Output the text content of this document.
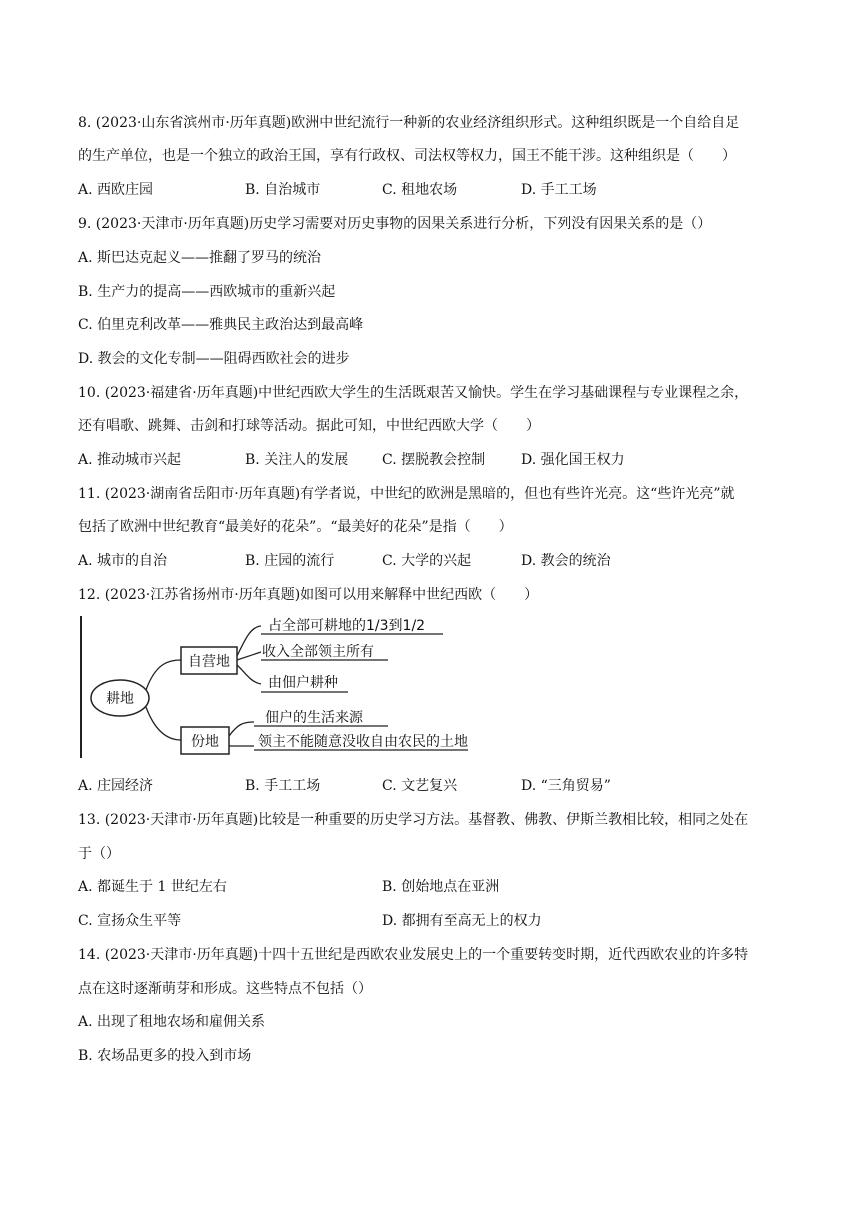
8. (2023·山东省滨州市·历年真题)欧洲中世纪流行一种新的农业经济组织形式。这种组织既是一个自给自足
的生产单位，也是一个独立的政治王国，享有行政权、司法权等权力，国王不能干涉。这种组织是（　　）
A. 西欧庄园	B. 自治城市	C. 租地农场	D. 手工工场
9. (2023·天津市·历年真题)历史学习需要对历史事物的因果关系进行分析，下列没有因果关系的是（）
A. 斯巴达克起义——推翻了罗马的统治
B. 生产力的提高——西欧城市的重新兴起
C. 伯里克利改革——雅典民主政治达到最高峰
D. 教会的文化专制——阻碍西欧社会的进步
10. (2023·福建省·历年真题)中世纪西欧大学生的生活既艰苦又愉快。学生在学习基础课程与专业课程之余，
还有唱歌、跳舞、击剑和打球等活动。据此可知，中世纪西欧大学（　　）
A. 推动城市兴起	B. 关注人的发展 C. 摆脱教会控制	D. 强化国王权力
11. (2023·湖南省岳阳市·历年真题)有学者说，中世纪的欧洲是黑暗的，但也有些许光亮。这“些许光亮”就
包括了欧洲中世纪教育“最美好的花朵”。“最美好的花朵”是指（　　）
A. 城市的自治	B. 庄园的流行	C. 大学的兴起	D. 教会的统治
12. (2023·江苏省扬州市·历年真题)如图可以用来解释中世纪西欧（　　）
耕地
自营地
占全部可耕地的1/3到1/2
收入全部领主所有
由佃户耕种
份地
佃户的生活来源
领主不能随意没收自由农民的土地
A. 庄园经济	B. 手工工场	C. 文艺复兴	D. “三角贸易”
13. (2023·天津市·历年真题)比较是一种重要的历史学习方法。基督教、佛教、伊斯兰教相比较，相同之处在
于（）
A. 都诞生于 1 世纪左右	B. 创始地点在亚洲
C. 宣扬众生平等	D. 都拥有至高无上的权力
14. (2023·天津市·历年真题)十四十五世纪是西欧农业发展史上的一个重要转变时期，近代西欧农业的许多特
点在这时逐渐萌芽和形成。这些特点不包括（）
A. 出现了租地农场和雇佣关系
B. 农场品更多的投入到市场
